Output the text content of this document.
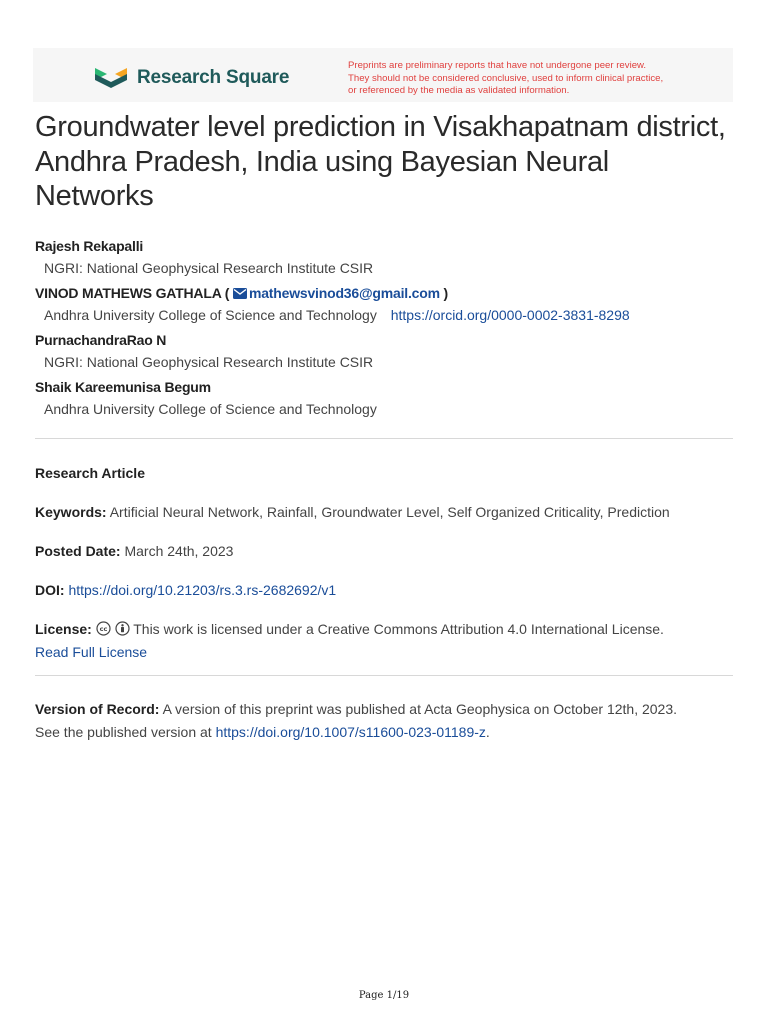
Research Square
Preprints are preliminary reports that have not undergone peer review.
They should not be considered conclusive, used to inform clinical practice,
or referenced by the media as validated information.
Groundwater level prediction in Visakhapatnam district, Andhra Pradesh, India using Bayesian Neural Networks
Rajesh Rekapalli
NGRI: National Geophysical Research Institute CSIR
VINOD MATHEWS GATHALA ( mathewsvinod36@gmail.com )
Andhra University College of Science and Technology https://orcid.org/0000-0002-3831-8298
PurnachandraRao N
NGRI: National Geophysical Research Institute CSIR
Shaik Kareemunisa Begum
Andhra University College of Science and Technology
Research Article
Keywords: Artificial Neural Network, Rainfall, Groundwater Level, Self Organized Criticality, Prediction
Posted Date: March 24th, 2023
DOI: https://doi.org/10.21203/rs.3.rs-2682692/v1
License: cc This work is licensed under a Creative Commons Attribution 4.0 International License.
Read Full License
Version of Record: A version of this preprint was published at Acta Geophysica on October 12th, 2023.
See the published version at https://doi.org/10.1007/s11600-023-01189-z.
Page 1/19
